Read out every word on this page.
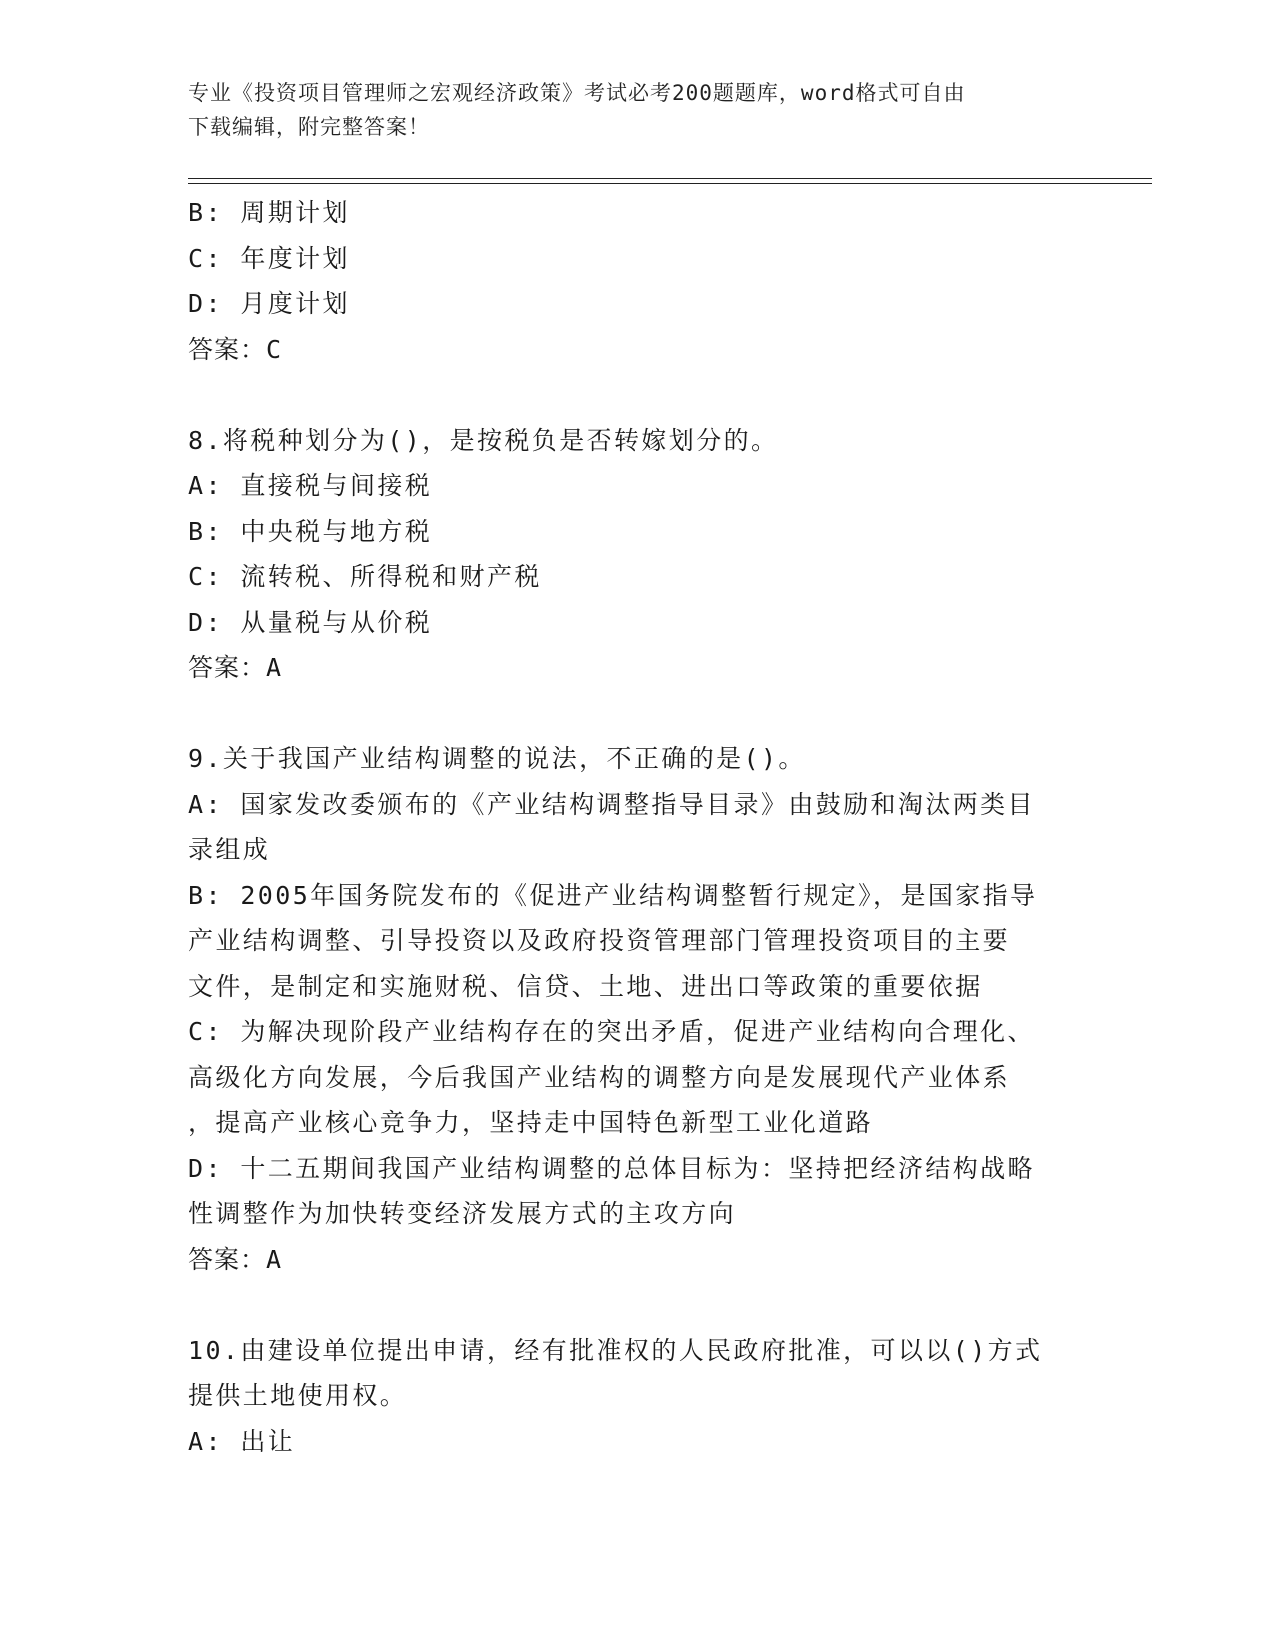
专业《投资项目管理师之宏观经济政策》考试必考200题题库，word格式可自由
下载编辑，附完整答案！
B: 周期计划
C: 年度计划
D: 月度计划
答案：C
8.将税种划分为()，是按税负是否转嫁划分的。
A: 直接税与间接税
B: 中央税与地方税
C: 流转税、所得税和财产税
D: 从量税与从价税
答案：A
9.关于我国产业结构调整的说法，不正确的是()。
A: 国家发改委颁布的《产业结构调整指导目录》由鼓励和淘汰两类目
录组成
B: 2005年国务院发布的《促进产业结构调整暂行规定》，是国家指导
产业结构调整、引导投资以及政府投资管理部门管理投资项目的主要
文件，是制定和实施财税、信贷、土地、进出口等政策的重要依据
C: 为解决现阶段产业结构存在的突出矛盾，促进产业结构向合理化、
高级化方向发展，今后我国产业结构的调整方向是发展现代产业体系
，提高产业核心竞争力，坚持走中国特色新型工业化道路
D: 十二五期间我国产业结构调整的总体目标为：坚持把经济结构战略
性调整作为加快转变经济发展方式的主攻方向
答案：A
10.由建设单位提出申请，经有批准权的人民政府批准，可以以()方式
提供土地使用权。
A: 出让
